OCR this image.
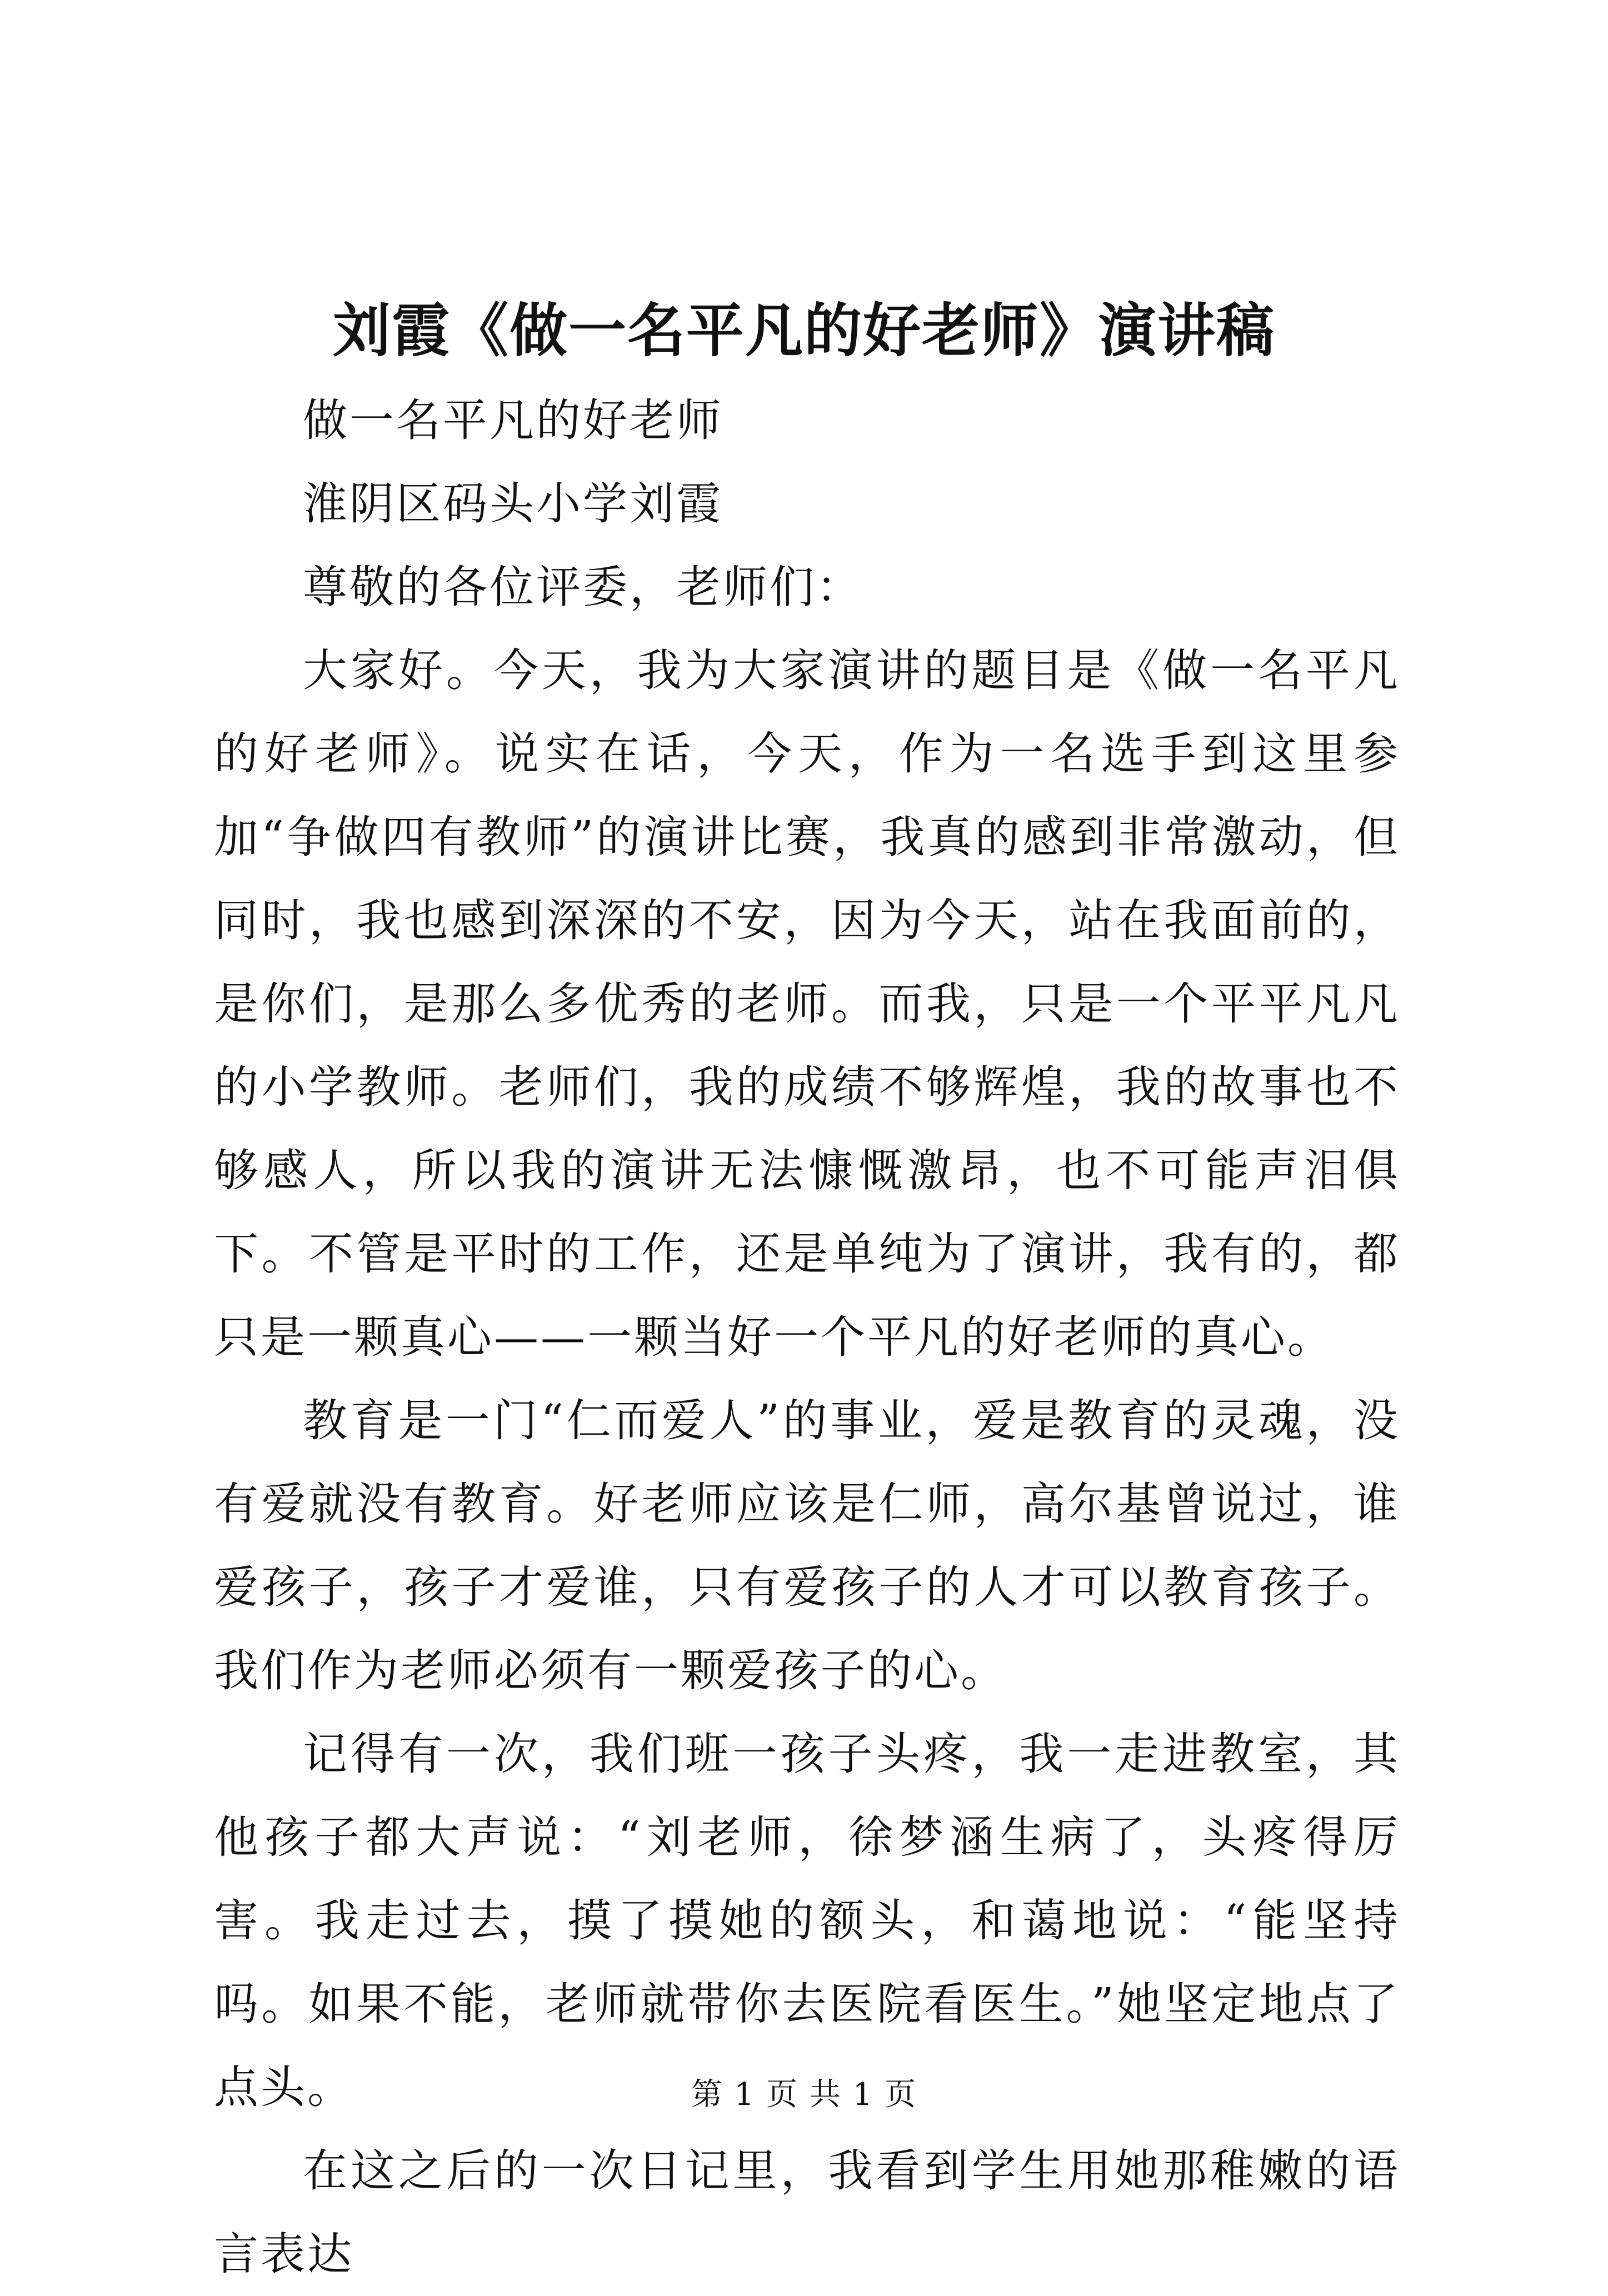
刘霞《做一名平凡的好老师》演讲稿

做一名平凡的好老师

淮阴区码头小学刘霞

尊敬的各位评委，老师们：

大家好。今天，我为大家演讲的题目是《做一名平凡的好老师》。说实在话，今天，作为一名选手到这里参加“争做四有教师”的演讲比赛，我真的感到非常激动，但同时，我也感到深深的不安，因为今天，站在我面前的，是你们，是那么多优秀的老师。而我，只是一个平平凡凡的小学教师。老师们，我的成绩不够辉煌，我的故事也不够感人，所以我的演讲无法慷慨激昂，也不可能声泪俱下。不管是平时的工作，还是单纯为了演讲，我有的，都只是一颗真心——一颗当好一个平凡的好老师的真心。

教育是一门“仁而爱人”的事业，爱是教育的灵魂，没有爱就没有教育。好老师应该是仁师，高尔基曾说过，谁爱孩子，孩子才爱谁，只有爱孩子的人才可以教育孩子。我们作为老师必须有一颗爱孩子的心。

记得有一次，我们班一孩子头疼，我一走进教室，其他孩子都大声说：“刘老师，徐梦涵生病了，头疼得厉害。我走过去，摸了摸她的额头，和蔼地说：“能坚持吗。如果不能，老师就带你去医院看医生。”她坚定地点了点头。

在这之后的一次日记里，我看到学生用她那稚嫩的语言表达

第 1 页 共 1 页
